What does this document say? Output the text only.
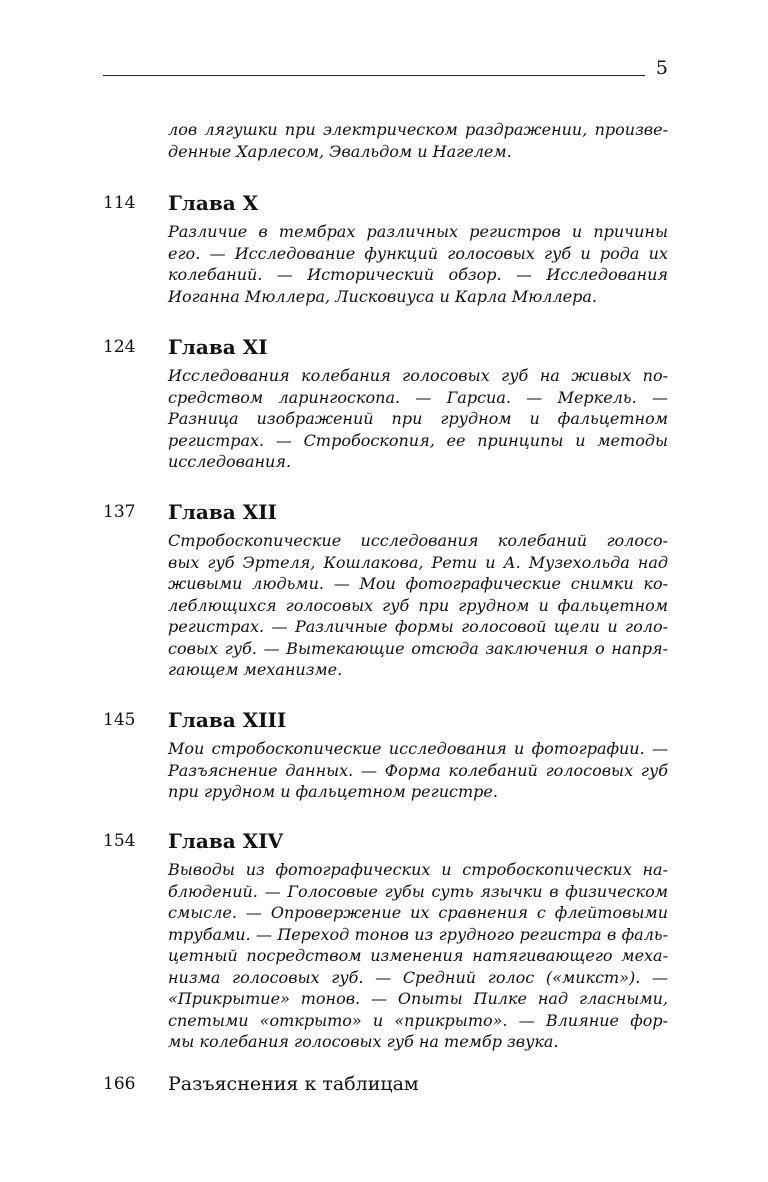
5
лов лягушки при электрическом раздражении, произве-
денные Харлесом, Эвальдом и Нагелем.
114 Глава X
Различие в тембрах различных регистров и причины
его. — Исследование функций голосовых губ и рода их
колебаний. — Исторический обзор. — Исследования
Иоганна Мюллера, Лисковиуса и Карла Мюллера.
124 Глава XI
Исследования колебания голосовых губ на живых по-
средством ларингоскопа. — Гарсиа. — Меркель. —
Разница изображений при грудном и фальцетном
регистрах. — Стробоскопия, ее принципы и методы
исследования.
137 Глава XII
Стробоскопические исследования колебаний голосо-
вых губ Эртеля, Кошлакова, Рети и А. Музехольда над
живыми людьми. — Мои фотографические снимки ко-
леблющихся голосовых губ при грудном и фальцетном
регистрах. — Различные формы голосовой щели и голо-
совых губ. — Вытекающие отсюда заключения о напря-
гающем механизме.
145 Глава XIII
Мои стробоскопические исследования и фотографии. —
Разъяснение данных. — Форма колебаний голосовых губ
при грудном и фальцетном регистре.
154 Глава XIV
Выводы из фотографических и стробоскопических на-
блюдений. — Голосовые губы суть язычки в физическом
смысле. — Опровержение их сравнения с флейтовыми
трубами. — Переход тонов из грудного регистра в фаль-
цетный посредством изменения натягивающего меха-
низма голосовых губ. — Средний голос («микст»). —
«Прикрытие» тонов. — Опыты Пилке над гласными,
спетыми «открыто» и «прикрыто». — Влияние фор-
мы колебания голосовых губ на тембр звука.
166 Разъяснения к таблицам
